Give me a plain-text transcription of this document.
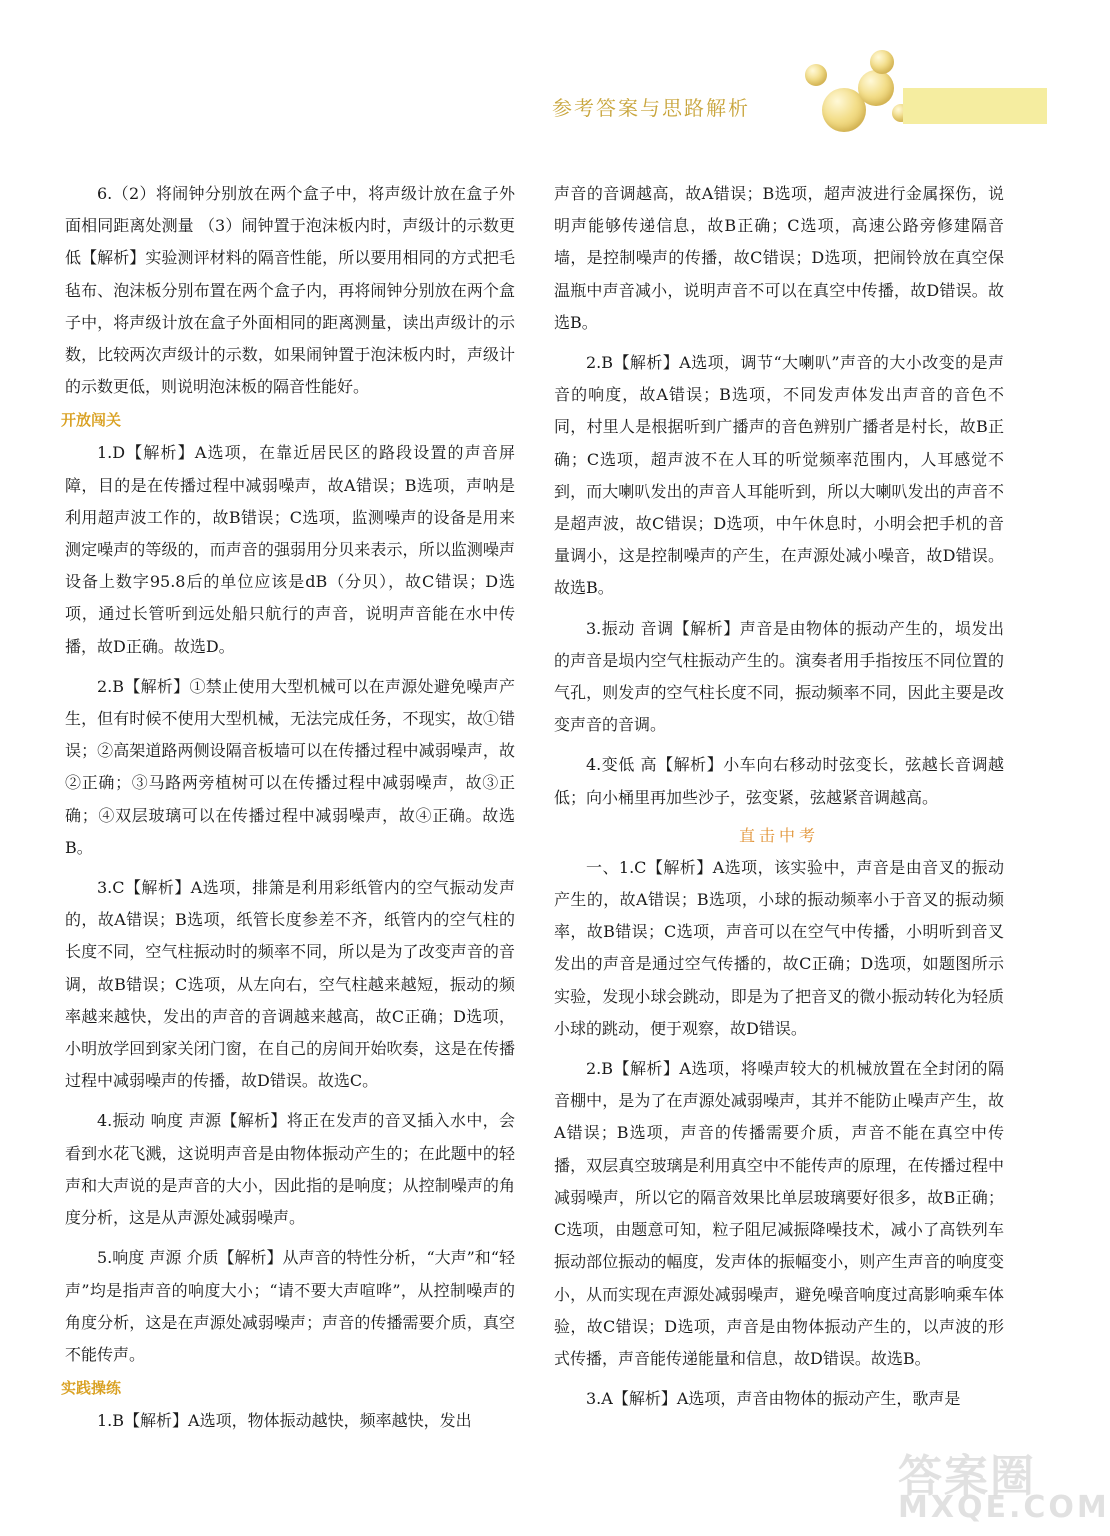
参考答案与思路解析

6.（2）将闹钟分别放在两个盒子中，将声级计放在盒子外面相同距离处测量 （3）闹钟置于泡沫板内时，声级计的示数更低【解析】实验测评材料的隔音性能，所以要用相同的方式把毛毡布、泡沫板分别布置在两个盒子内，再将闹钟分别放在两个盒子中，将声级计放在盒子外面相同的距离测量，读出声级计的示数，比较两次声级计的示数，如果闹钟置于泡沫板内时，声级计的示数更低，则说明泡沫板的隔音性能好。

开放闯关

1.D【解析】A选项，在靠近居民区的路段设置的声音屏障，目的是在传播过程中减弱噪声，故A错误；B选项，声呐是利用超声波工作的，故B错误；C选项，监测噪声的设备是用来测定噪声的等级的，而声音的强弱用分贝来表示，所以监测噪声设备上数字95.8后的单位应该是dB（分贝），故C错误；D选项，通过长管听到远处船只航行的声音，说明声音能在水中传播，故D正确。故选D。

2.B【解析】①禁止使用大型机械可以在声源处避免噪声产生，但有时候不使用大型机械，无法完成任务，不现实，故①错误；②高架道路两侧设隔音板墙可以在传播过程中减弱噪声，故②正确；③马路两旁植树可以在传播过程中减弱噪声，故③正确；④双层玻璃可以在传播过程中减弱噪声，故④正确。故选B。

3.C【解析】A选项，排箫是利用彩纸管内的空气振动发声的，故A错误；B选项，纸管长度参差不齐，纸管内的空气柱的长度不同，空气柱振动时的频率不同，所以是为了改变声音的音调，故B错误；C选项，从左向右，空气柱越来越短，振动的频率越来越快，发出的声音的音调越来越高，故C正确；D选项，小明放学回到家关闭门窗，在自己的房间开始吹奏，这是在传播过程中减弱噪声的传播，故D错误。故选C。

4.振动 响度 声源【解析】将正在发声的音叉插入水中，会看到水花飞溅，这说明声音是由物体振动产生的；在此题中的轻声和大声说的是声音的大小，因此指的是响度；从控制噪声的角度分析，这是从声源处减弱噪声。

5.响度 声源 介质【解析】从声音的特性分析，“大声”和“轻声”均是指声音的响度大小；“请不要大声喧哗”，从控制噪声的角度分析，这是在声源处减弱噪声；声音的传播需要介质，真空不能传声。

实践操练

1.B【解析】A选项，物体振动越快，频率越快，发出

声音的音调越高，故A错误；B选项，超声波进行金属探伤，说明声能够传递信息，故B正确；C选项，高速公路旁修建隔音墙，是控制噪声的传播，故C错误；D选项，把闹铃放在真空保温瓶中声音减小，说明声音不可以在真空中传播，故D错误。故选B。

2.B【解析】A选项，调节“大喇叭”声音的大小改变的是声音的响度，故A错误；B选项，不同发声体发出声音的音色不同，村里人是根据听到广播声的音色辨别广播者是村长，故B正确；C选项，超声波不在人耳的听觉频率范围内，人耳感觉不到，而大喇叭发出的声音人耳能听到，所以大喇叭发出的声音不是超声波，故C错误；D选项，中午休息时，小明会把手机的音量调小，这是控制噪声的产生，在声源处减小噪音，故D错误。故选B。

3.振动 音调【解析】声音是由物体的振动产生的，埙发出的声音是埙内空气柱振动产生的。演奏者用手指按压不同位置的气孔，则发声的空气柱长度不同，振动频率不同，因此主要是改变声音的音调。

4.变低 高【解析】小车向右移动时弦变长，弦越长音调越低；向小桶里再加些沙子，弦变紧，弦越紧音调越高。

直击中考

一、1.C【解析】A选项，该实验中，声音是由音叉的振动产生的，故A错误；B选项，小球的振动频率小于音叉的振动频率，故B错误；C选项，声音可以在空气中传播，小明听到音叉发出的声音是通过空气传播的，故C正确；D选项，如题图所示实验，发现小球会跳动，即是为了把音叉的微小振动转化为轻质小球的跳动，便于观察，故D错误。

2.B【解析】A选项，将噪声较大的机械放置在全封闭的隔音棚中，是为了在声源处减弱噪声，其并不能防止噪声产生，故A错误；B选项，声音的传播需要介质，声音不能在真空中传播，双层真空玻璃是利用真空中不能传声的原理，在传播过程中减弱噪声，所以它的隔音效果比单层玻璃要好很多，故B正确；C选项，由题意可知，粒子阻尼减振降噪技术，减小了高铁列车振动部位振动的幅度，发声体的振幅变小，则产生声音的响度变小，从而实现在声源处减弱噪声，避免噪音响度过高影响乘车体验，故C错误；D选项，声音是由物体振动产生的，以声波的形式传播，声音能传递能量和信息，故D错误。故选B。

3.A【解析】A选项，声音由物体的振动产生，歌声是

答案圈
MXQE.COM
